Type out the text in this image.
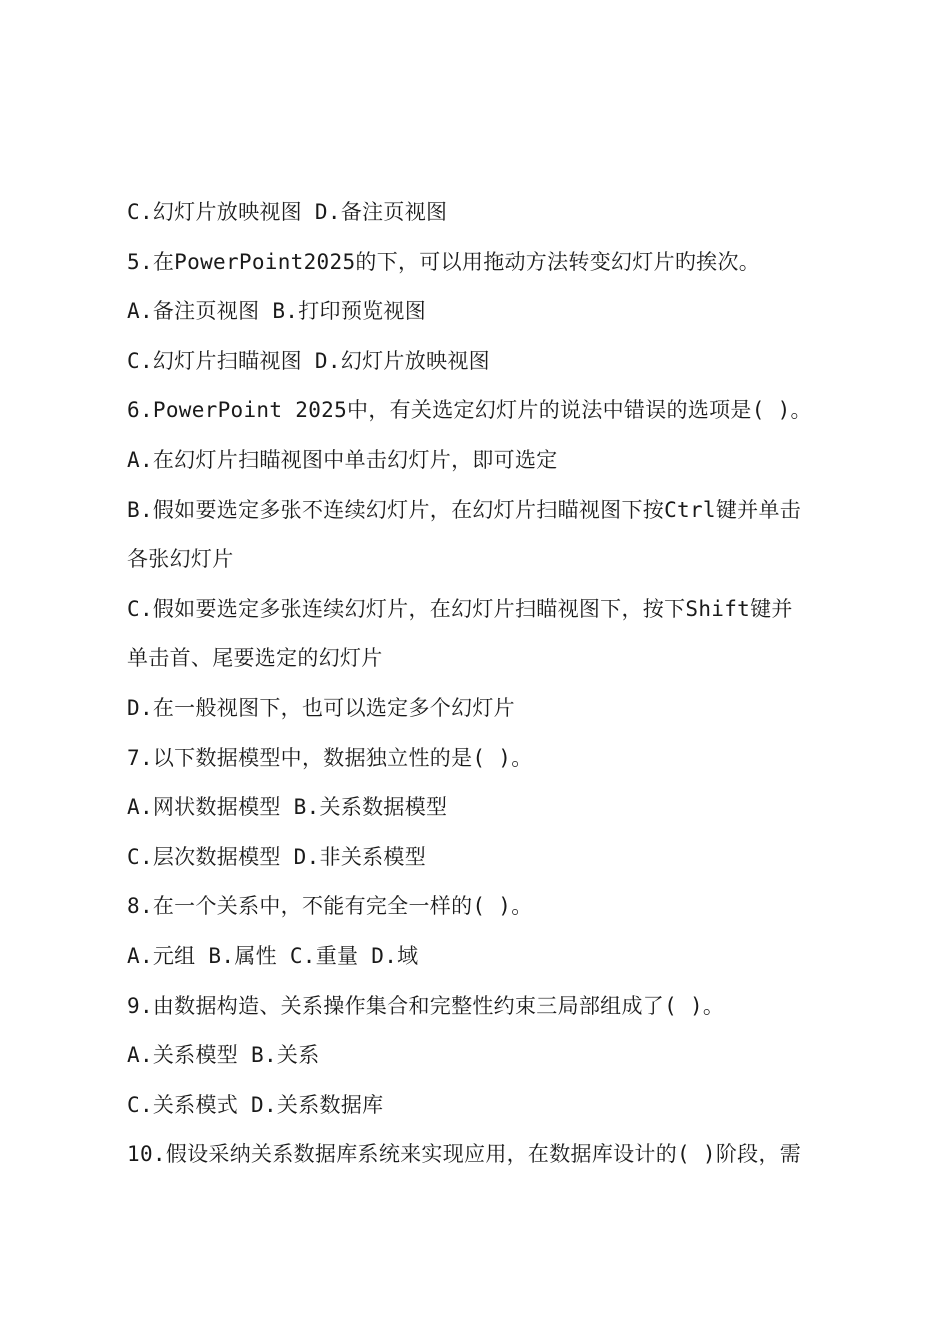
C.幻灯片放映视图 D.备注页视图
5.在PowerPoint2025的下，可以用拖动方法转变幻灯片旳挨次。
A.备注页视图 B.打印预览视图
C.幻灯片扫瞄视图 D.幻灯片放映视图
6.PowerPoint 2025中，有关选定幻灯片的说法中错误的选项是( )。
A.在幻灯片扫瞄视图中单击幻灯片，即可选定
B.假如要选定多张不连续幻灯片，在幻灯片扫瞄视图下按Ctrl键并单击
各张幻灯片
C.假如要选定多张连续幻灯片，在幻灯片扫瞄视图下，按下Shift键并
单击首、尾要选定的幻灯片
D.在一般视图下，也可以选定多个幻灯片
7.以下数据模型中，数据独立性的是( )。
A.网状数据模型 B.关系数据模型
C.层次数据模型 D.非关系模型
8.在一个关系中，不能有完全一样的( )。
A.元组 B.属性 C.重量 D.域
9.由数据构造、关系操作集合和完整性约束三局部组成了( )。
A.关系模型 B.关系
C.关系模式 D.关系数据库
10.假设采纳关系数据库系统来实现应用，在数据库设计的( )阶段，需
